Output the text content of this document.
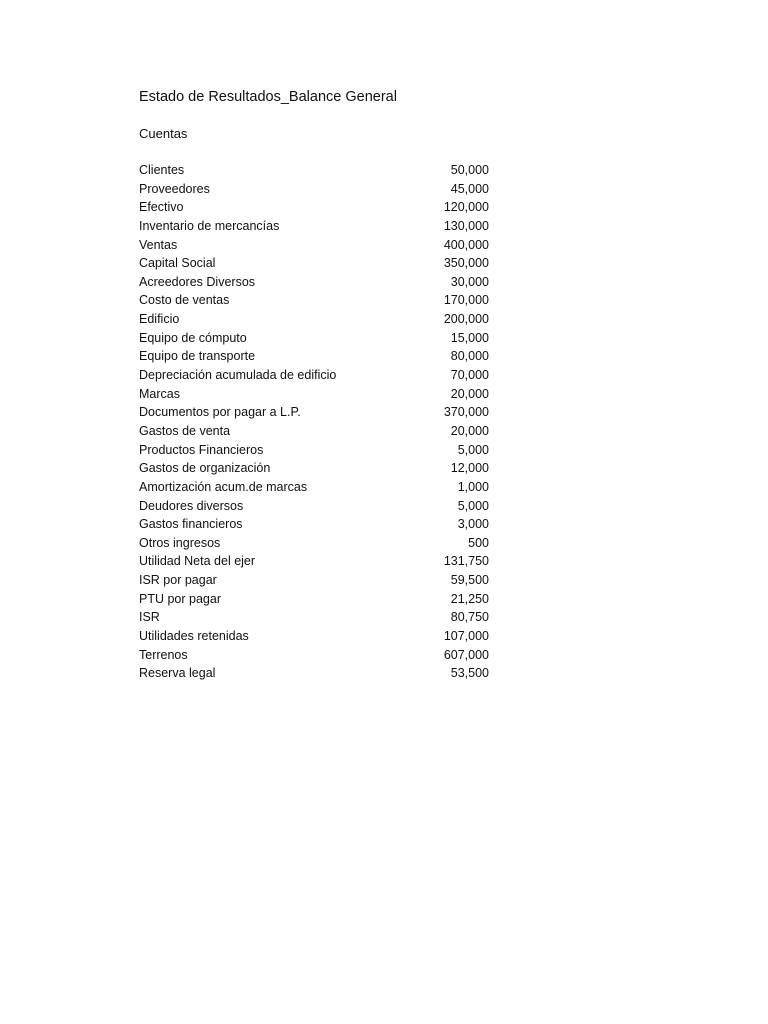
Estado de Resultados_Balance General
Cuentas
Clientes	50,000
Proveedores	45,000
Efectivo	120,000
Inventario de mercancías	130,000
Ventas	400,000
Capital Social	350,000
Acreedores Diversos	30,000
Costo de ventas	170,000
Edificio	200,000
Equipo de cómputo	15,000
Equipo de transporte	80,000
Depreciación acumulada de edificio	70,000
Marcas	20,000
Documentos por pagar a L.P.	370,000
Gastos de venta	20,000
Productos Financieros	5,000
Gastos de organización	12,000
Amortización acum.de marcas	1,000
Deudores diversos	5,000
Gastos financieros	3,000
Otros ingresos	500
Utilidad Neta del ejer	131,750
ISR por pagar	59,500
PTU por pagar	21,250
ISR	80,750
Utilidades retenidas	107,000
Terrenos	607,000
Reserva legal	53,500
